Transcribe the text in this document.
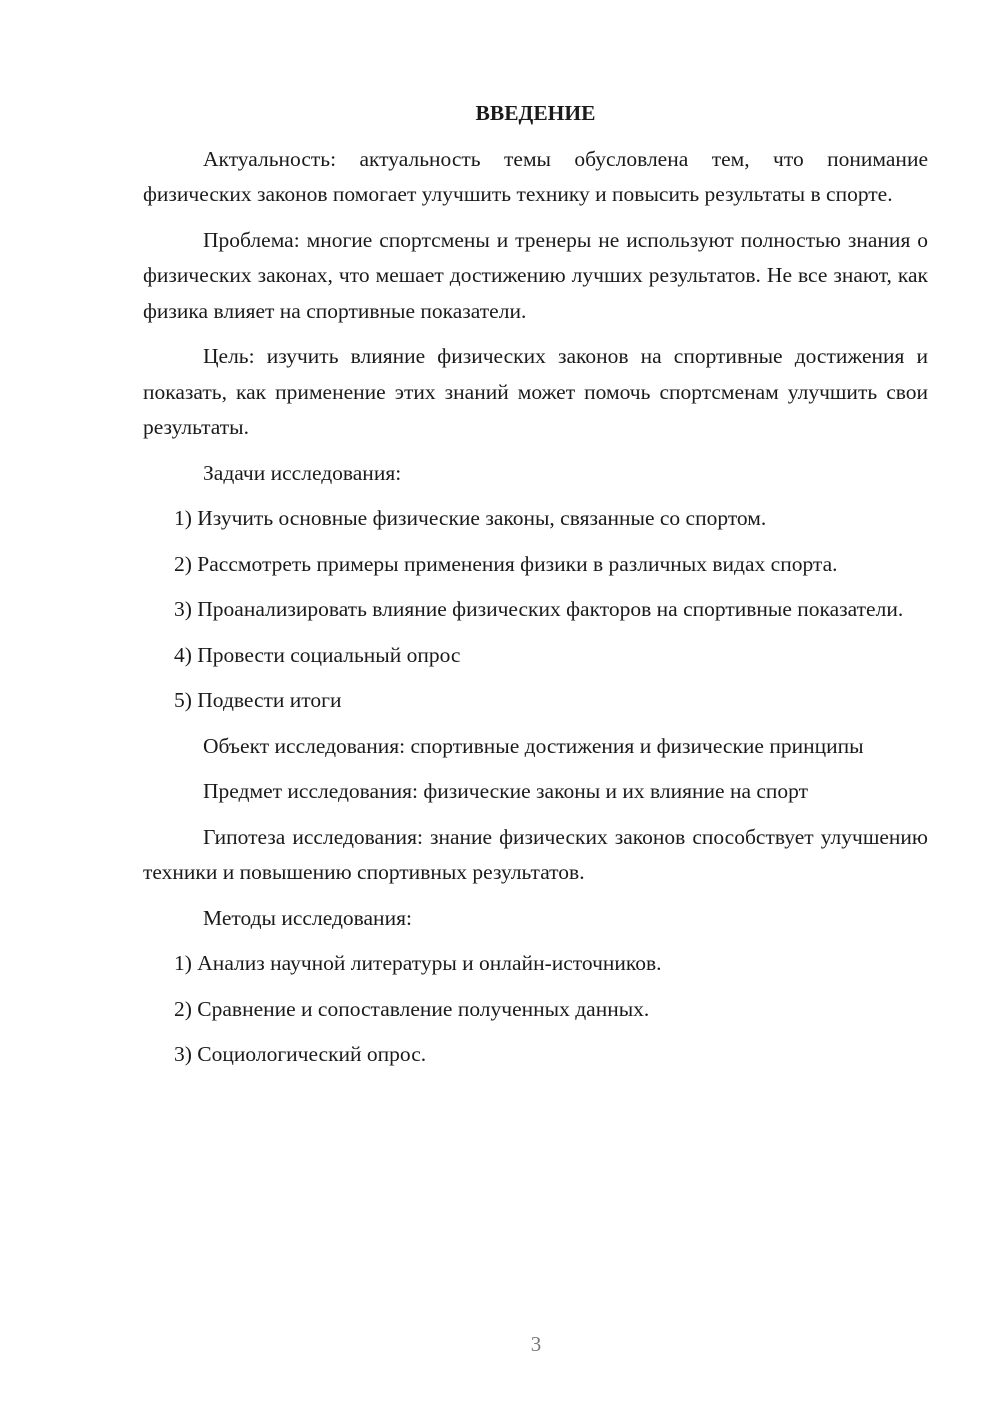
ВВЕДЕНИЕ

Актуальность: актуальность темы обусловлена тем, что понимание физических законов помогает улучшить технику и повысить результаты в спорте.

Проблема: многие спортсмены и тренеры не используют полностью знания о физических законах, что мешает достижению лучших результатов. Не все знают, как физика влияет на спортивные показатели.

Цель: изучить влияние физических законов на спортивные достижения и показать, как применение этих знаний может помочь спортсменам улучшить свои результаты.

Задачи исследования:

1) Изучить основные физические законы, связанные со спортом.

2) Рассмотреть примеры применения физики в различных видах спорта.

3) Проанализировать влияние физических факторов на спортивные показатели.

4) Провести социальный опрос

5) Подвести итоги

Объект исследования: спортивные достижения и физические принципы

Предмет исследования: физические законы и их влияние на спорт

Гипотеза исследования: знание физических законов способствует улучшению техники и повышению спортивных результатов.

Методы исследования:

1) Анализ научной литературы и онлайн-источников.

2) Сравнение и сопоставление полученных данных.

3) Социологический опрос.

3
